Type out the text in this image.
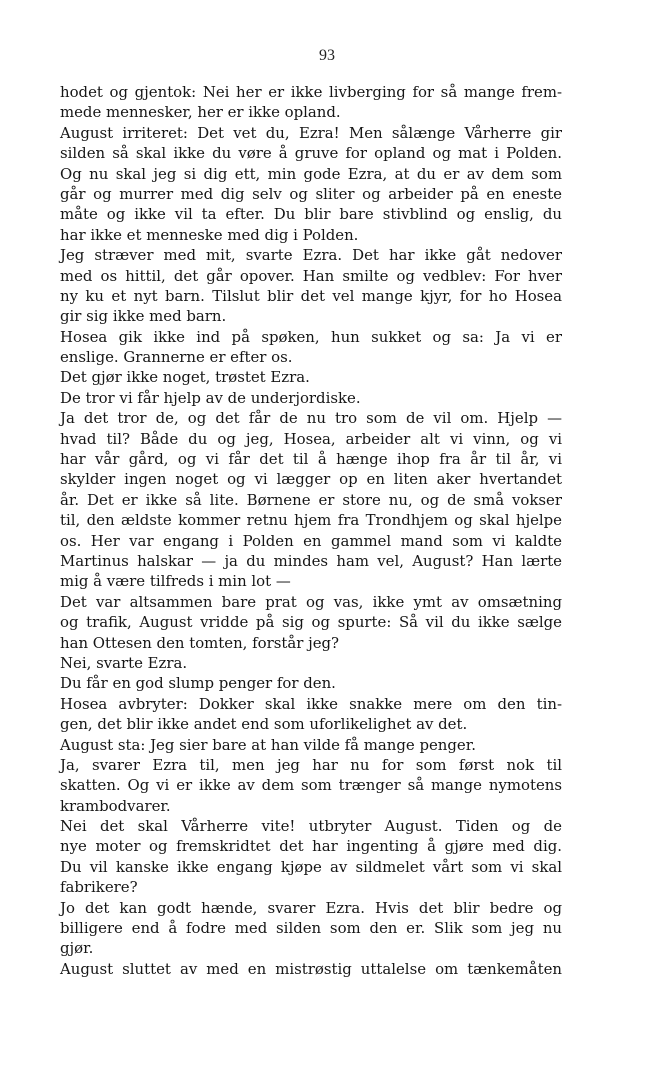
93
hodet og gjentok: Nei her er ikke livberging for så mange frem-
mede mennesker, her er ikke opland.
August irriteret: Det vet du, Ezra! Men sålænge Vårherre gir
silden så skal ikke du vøre å gruve for opland og mat i Polden.
Og nu skal jeg si dig ett, min gode Ezra, at du er av dem som
går og murrer med dig selv og sliter og arbeider på en eneste
måte og ikke vil ta efter. Du blir bare stivblind og enslig, du
har ikke et menneske med dig i Polden.
Jeg stræver med mit, svarte Ezra. Det har ikke gåt nedover
med os hittil, det går opover. Han smilte og vedblev: For hver
ny ku et nyt barn. Tilslut blir det vel mange kjyr, for ho Hosea
gir sig ikke med barn.
Hosea gik ikke ind på spøken, hun sukket og sa: Ja vi er
enslige. Grannerne er efter os.
Det gjør ikke noget, trøstet Ezra.
De tror vi får hjelp av de underjordiske.
Ja det tror de, og det får de nu tro som de vil om. Hjelp —
hvad til? Både du og jeg, Hosea, arbeider alt vi vinn, og vi
har vår gård, og vi får det til å hænge ihop fra år til år, vi
skylder ingen noget og vi lægger op en liten aker hvertandet
år. Det er ikke så lite. Børnene er store nu, og de små vokser
til, den ældste kommer retnu hjem fra Trondhjem og skal hjelpe
os. Her var engang i Polden en gammel mand som vi kaldte
Martinus halskar — ja du mindes ham vel, August? Han lærte
mig å være tilfreds i min lot —
Det var altsammen bare prat og vas, ikke ymt av omsætning
og trafik, August vridde på sig og spurte: Så vil du ikke sælge
han Ottesen den tomten, forstår jeg?
Nei, svarte Ezra.
Du får en god slump penger for den.
Hosea avbryter: Dokker skal ikke snakke mere om den tin-
gen, det blir ikke andet end som uforlikelighet av det.
August sta: Jeg sier bare at han vilde få mange penger.
Ja, svarer Ezra til, men jeg har nu for som først nok til
skatten. Og vi er ikke av dem som trænger så mange nymotens
krambodvarer.
Nei det skal Vårherre vite! utbryter August. Tiden og de
nye moter og fremskridtet det har ingenting å gjøre med dig.
Du vil kanske ikke engang kjøpe av sildmelet vårt som vi skal
fabrikere?
Jo det kan godt hænde, svarer Ezra. Hvis det blir bedre og
billigere end å fodre med silden som den er. Slik som jeg nu
gjør.
August sluttet av med en mistrøstig uttalelse om tænkemåten
